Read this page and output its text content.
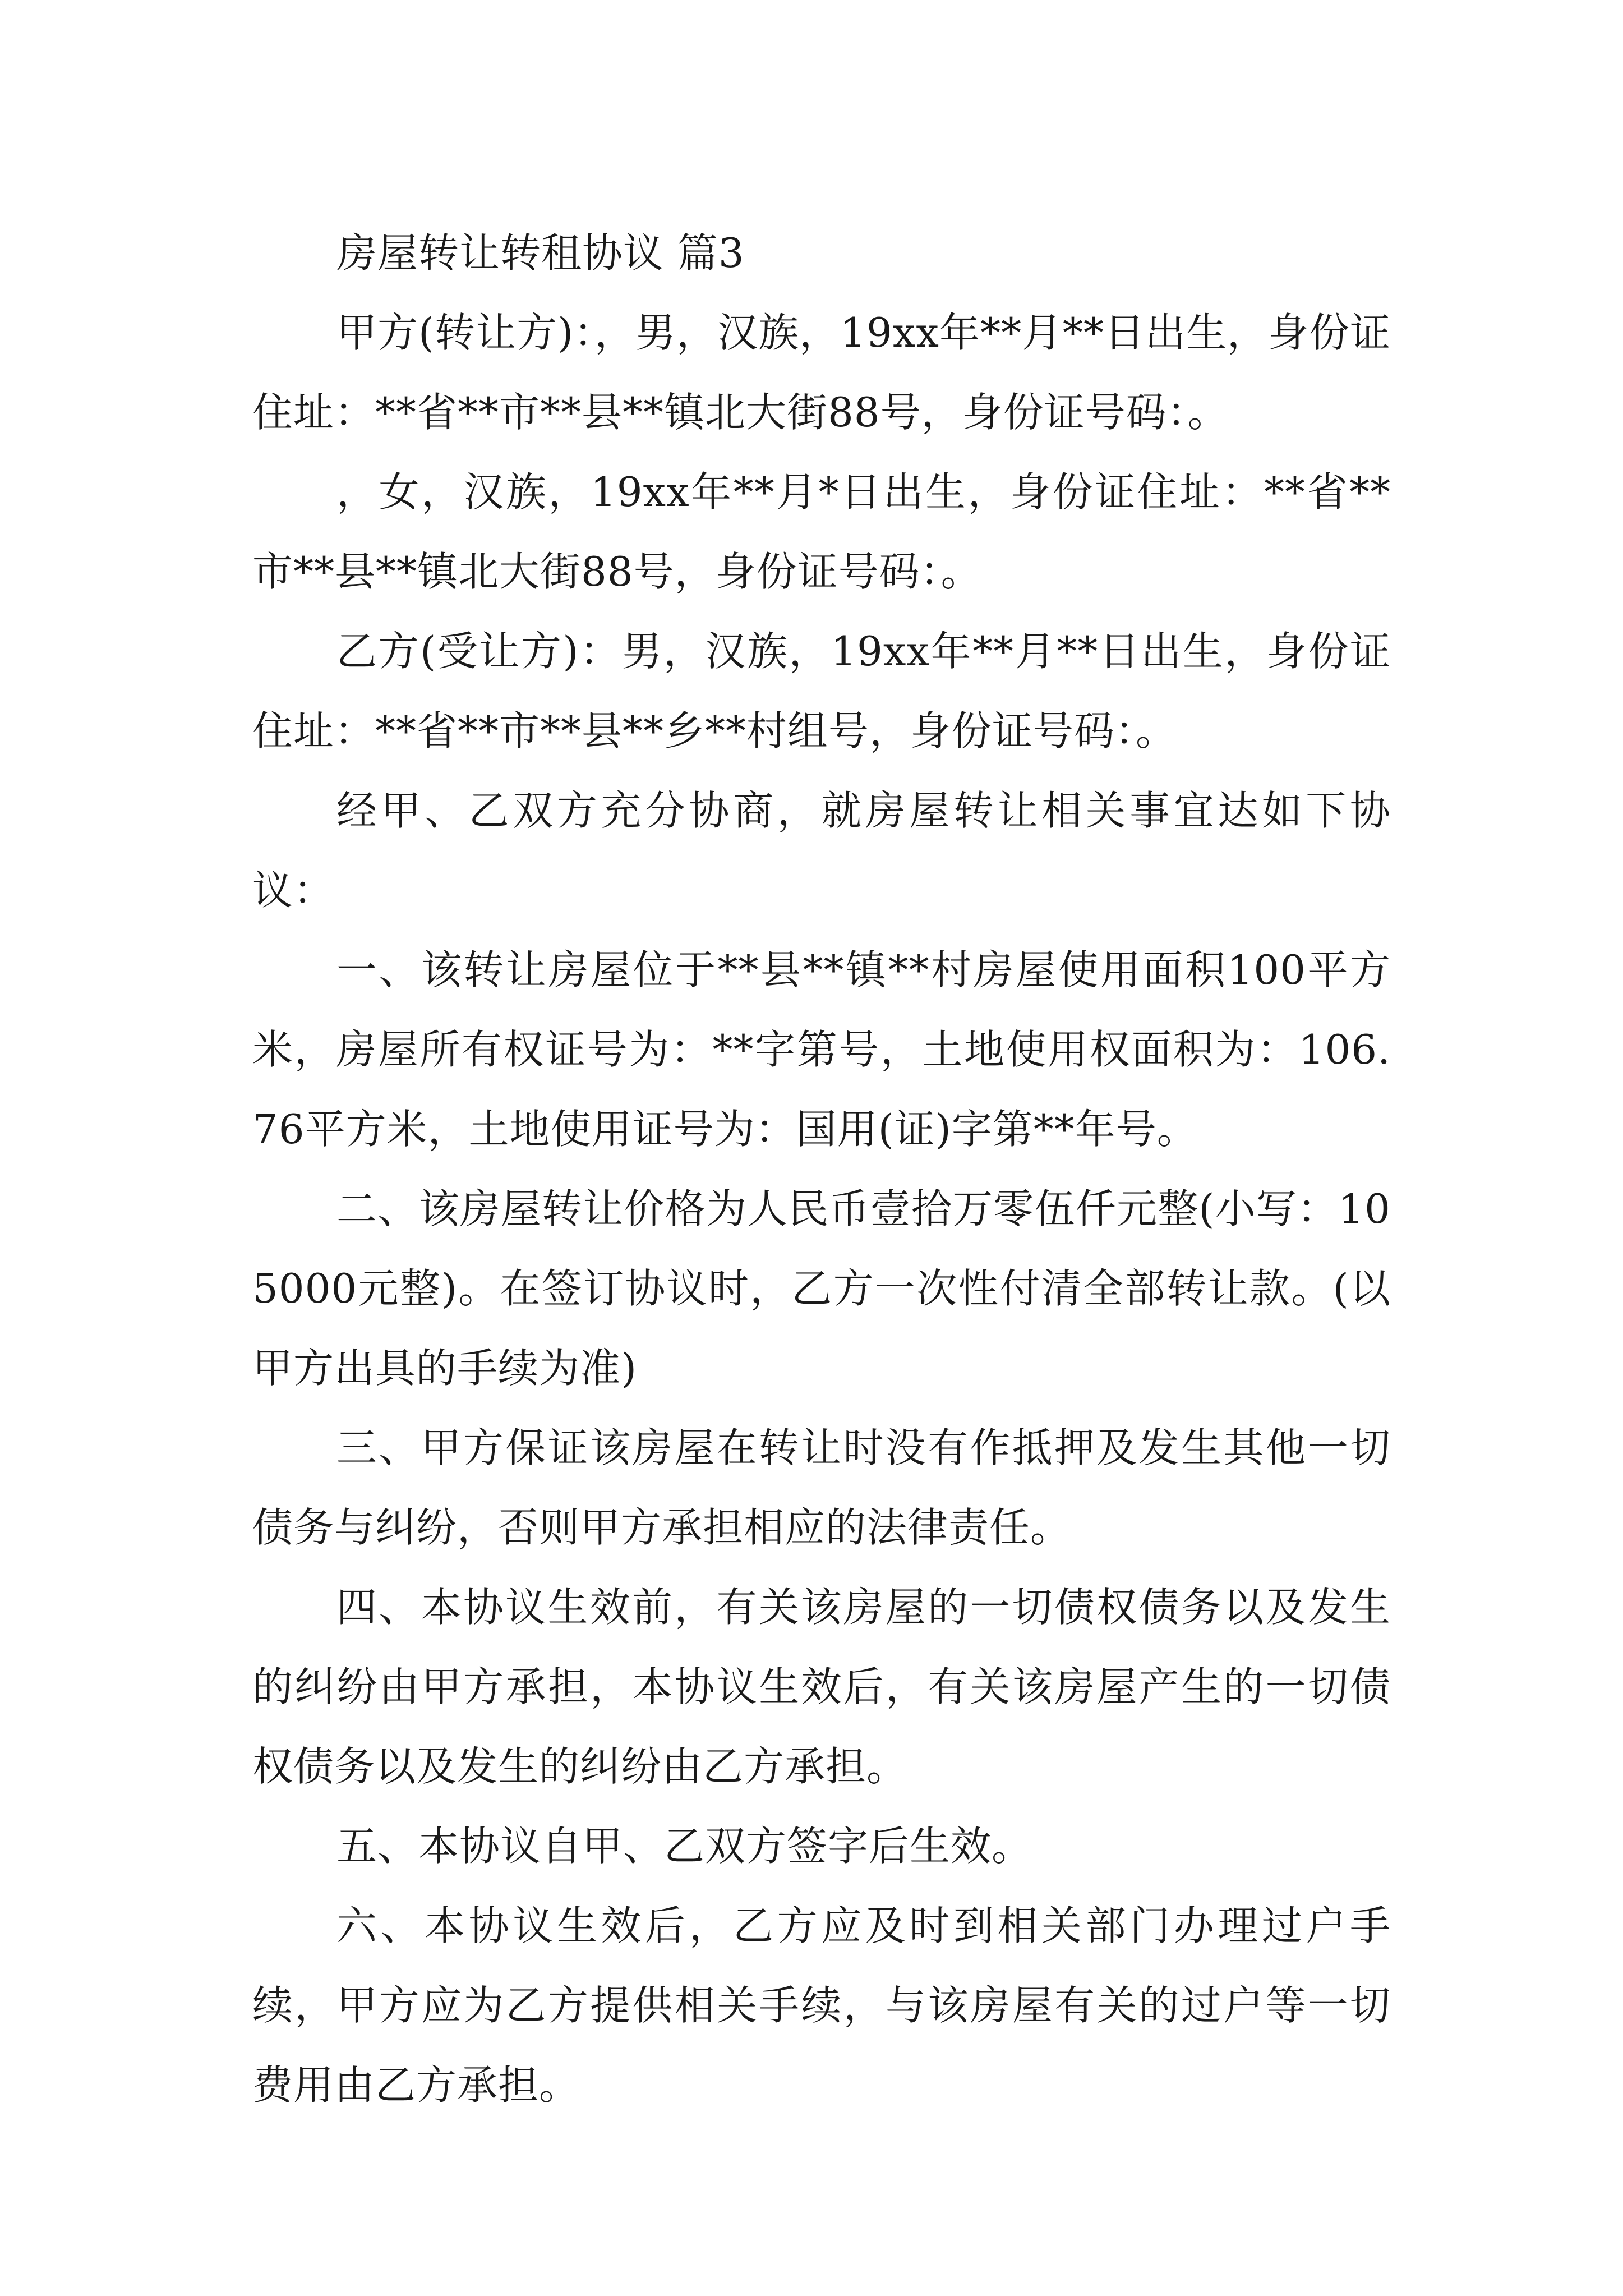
房屋转让转租协议 篇3

甲方(转让方)：，男，汉族，19xx年**月**日出生，身份证住址：**省**市**县**镇北大街88号，身份证号码：。

，女，汉族，19xx年**月*日出生，身份证住址：**省**市**县**镇北大街88号，身份证号码：。

乙方(受让方)：男，汉族，19xx年**月**日出生，身份证住址：**省**市**县**乡**村组号，身份证号码：。

经甲、乙双方充分协商，就房屋转让相关事宜达如下协议：

一、该转让房屋位于**县**镇**村房屋使用面积100平方米，房屋所有权证号为：**字第号，土地使用权面积为：106.76平方米，土地使用证号为：国用(证)字第**年号。

二、该房屋转让价格为人民币壹拾万零伍仟元整(小写：105000元整)。在签订协议时，乙方一次性付清全部转让款。(以甲方出具的手续为准)

三、甲方保证该房屋在转让时没有作抵押及发生其他一切债务与纠纷，否则甲方承担相应的法律责任。

四、本协议生效前，有关该房屋的一切债权债务以及发生的纠纷由甲方承担，本协议生效后，有关该房屋产生的一切债权债务以及发生的纠纷由乙方承担。

五、本协议自甲、乙双方签字后生效。

六、本协议生效后，乙方应及时到相关部门办理过户手续，甲方应为乙方提供相关手续，与该房屋有关的过户等一切费用由乙方承担。
